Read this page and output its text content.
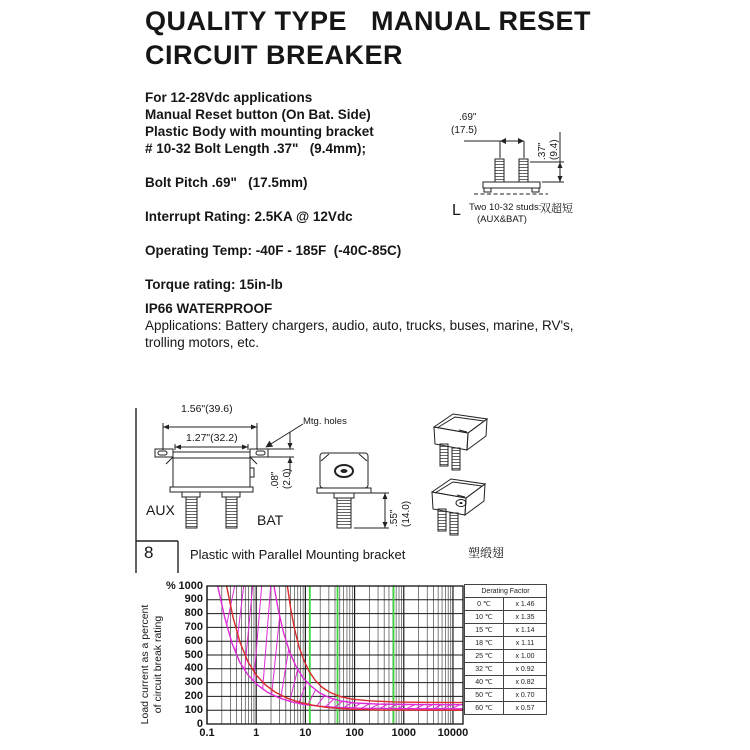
QUALITY TYPE   MANUAL RESET
CIRCUIT BREAKER
For 12-28Vdc applications
Manual Reset button (On Bat. Side)
Plastic Body with mounting bracket
# 10-32 Bolt Length .37"   (9.4mm);
Bolt Pitch .69"   (17.5mm)
Interrupt Rating: 2.5KA @ 12Vdc
Operating Temp: -40F - 185F  (-40C-85C)
Torque rating: 15in-lb
IP66 WATERPROOF
Applications: Battery chargers, audio, auto, trucks, buses, marine, RV's,
trolling motors, etc.
.69"
(17.5)
.37" (9.4)
L Two 10-32 studs:
(AUX&BAT)
双超短
1.56"(39.6)
1.27"(32.2)
Mtg. holes
AUX
BAT
.08" (2.0)
.55" (14.0)
8	Plastic with Parallel Mounting bracket	塑缎翅
%
Load current as a percent of circuit break rating
Derating Factor	
0 ℃	x 1.46
10 ℃	x 1.35
15 ℃	x 1.14
18 ℃	x 1.11
25 ℃	x 1.00
32 ℃	x 0.92
40 ℃	x 0.82
50 ℃	x 0.70
60 ℃	x 0.57
0.1	1	10	100	1000	10000
1000
900
800
700
600
500
400
300
200
100
0
